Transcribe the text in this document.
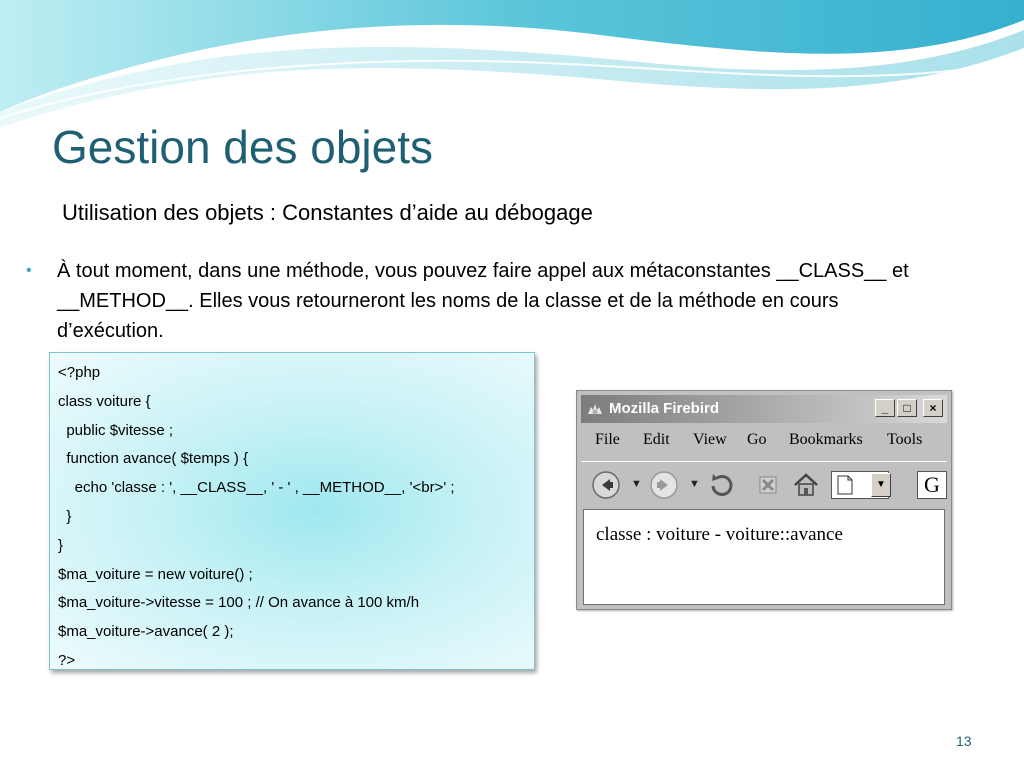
Gestion des objets
Utilisation des objets : Constantes d’aide au débogage
• À tout moment, dans une méthode, vous pouvez faire appel aux métaconstantes __CLASS__ et __METHOD__. Elles vous retourneront les noms de la classe et de la méthode en cours d’exécution.

<?php
class voiture {
public $vitesse ;
function avance( $temps ) {
echo 'classe : ', __CLASS__, ' - ' , __METHOD__, '<br>' ;
}
}
$ma_voiture = new voiture() ;
$ma_voiture->vitesse = 100 ; // On avance à 100 km/h
$ma_voiture->avance( 2 );
?>
Mozilla Firebird	_	□	×
File Edit View Go Bookmarks Tools
▼	▼	▼	G
classe : voiture - voiture::avance
13
